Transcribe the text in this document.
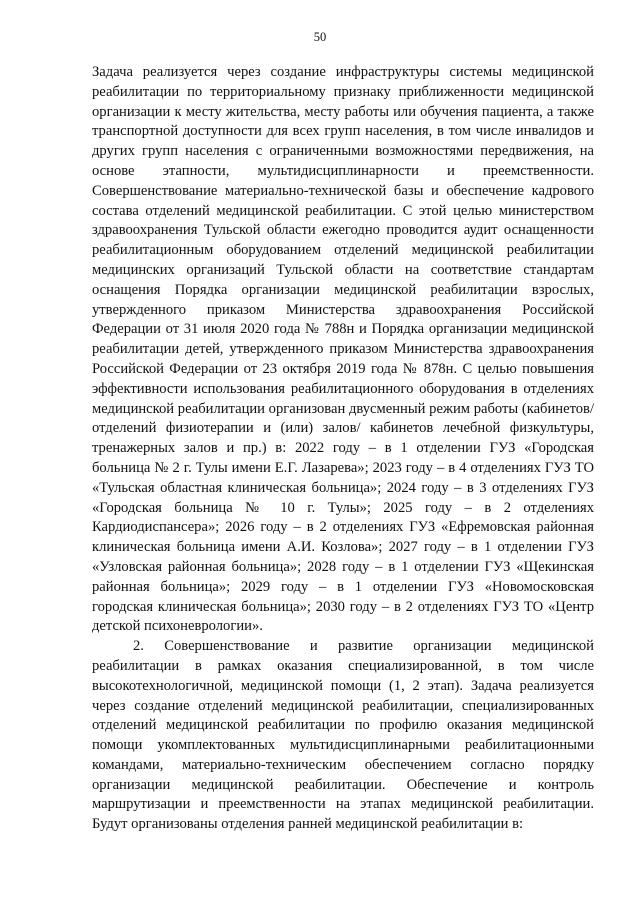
50

Задача реализуется через создание инфраструктуры системы медицинской реабилитации по территориальному признаку приближенности медицинской организации к месту жительства, месту работы или обучения пациента, а также транспортной доступности для всех групп населения, в том числе инвалидов и других групп населения с ограниченными возможностями передвижения, на основе этапности, мультидисциплинарности и преемственности. Совершенствование материально-технической базы и обеспечение кадрового состава отделений медицинской реабилитации. С этой целью министерством здравоохранения Тульской области ежегодно проводится аудит оснащенности реабилитационным оборудованием отделений медицинской реабилитации медицинских организаций Тульской области на соответствие стандартам оснащения Порядка организации медицинской реабилитации взрослых, утвержденного приказом Министерства здравоохранения Российской Федерации от 31 июля 2020 года № 788н и Порядка организации медицинской реабилитации детей, утвержденного приказом Министерства здравоохранения Российской Федерации от 23 октября 2019 года № 878н. С целью повышения эффективности использования реабилитационного оборудования в отделениях медицинской реабилитации организован двусменный режим работы (кабинетов/ отделений физиотерапии и (или) залов/ кабинетов лечебной физкультуры, тренажерных залов и пр.) в: 2022 году – в 1 отделении ГУЗ «Городская больница № 2 г. Тулы имени Е.Г. Лазарева»; 2023 году – в 4 отделениях ГУЗ ТО «Тульская областная клиническая больница»; 2024 году – в 3 отделениях ГУЗ «Городская больница № 10 г. Тулы»; 2025 году – в 2 отделениях Кардиодиспансера»; 2026 году – в 2 отделениях ГУЗ «Ефремовская районная клиническая больница имени А.И. Козлова»; 2027 году – в 1 отделении ГУЗ «Узловская районная больница»; 2028 году – в 1 отделении ГУЗ «Щекинская районная больница»; 2029 году – в 1 отделении ГУЗ «Новомосковская городская клиническая больница»; 2030 году – в 2 отделениях ГУЗ ТО «Центр детской психоневрологии».

2. Совершенствование и развитие организации медицинской реабилитации в рамках оказания специализированной, в том числе высокотехнологичной, медицинской помощи (1, 2 этап). Задача реализуется через создание отделений медицинской реабилитации, специализированных отделений медицинской реабилитации по профилю оказания медицинской помощи укомплектованных мультидисциплинарными реабилитационными командами, материально-техническим обеспечением согласно порядку организации медицинской реабилитации. Обеспечение и контроль маршрутизации и преемственности на этапах медицинской реабилитации. Будут организованы отделения ранней медицинской реабилитации в:
